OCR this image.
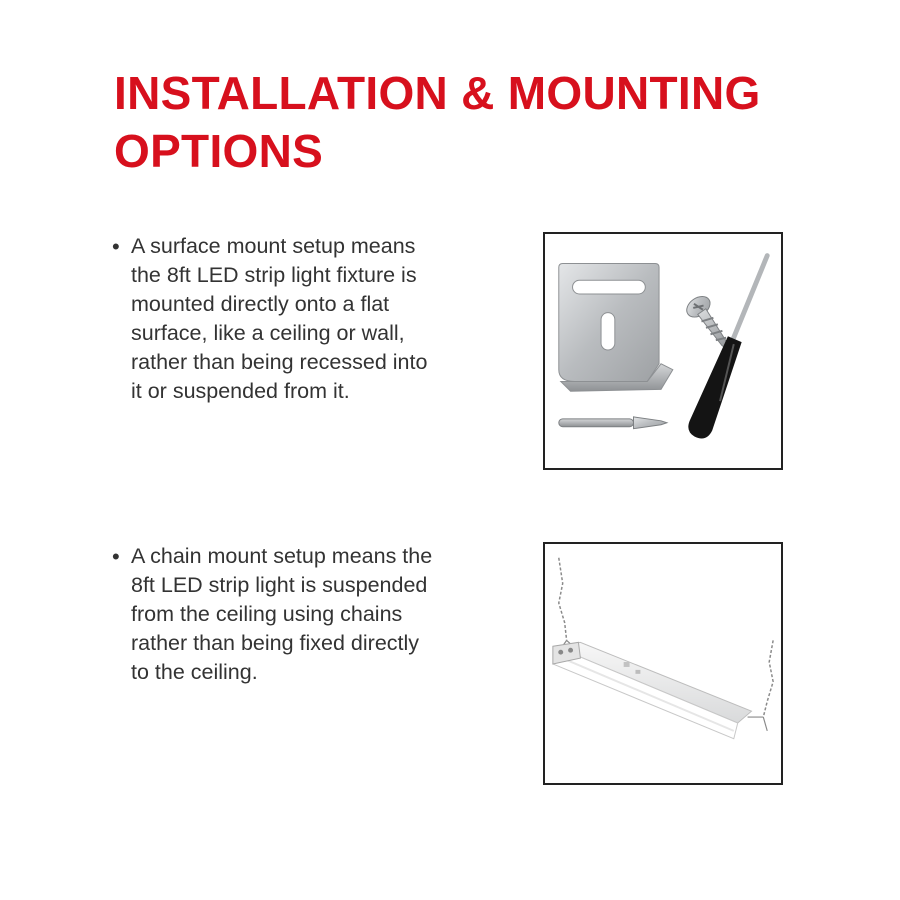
INSTALLATION & MOUNTING OPTIONS
• A surface mount setup means the 8ft LED strip light fixture is mounted directly onto a flat surface, like a ceiling or wall, rather than being recessed into it or suspended from it.
• A chain mount setup means the 8ft LED strip light is suspended from the ceiling using chains rather than being fixed directly to the ceiling.
